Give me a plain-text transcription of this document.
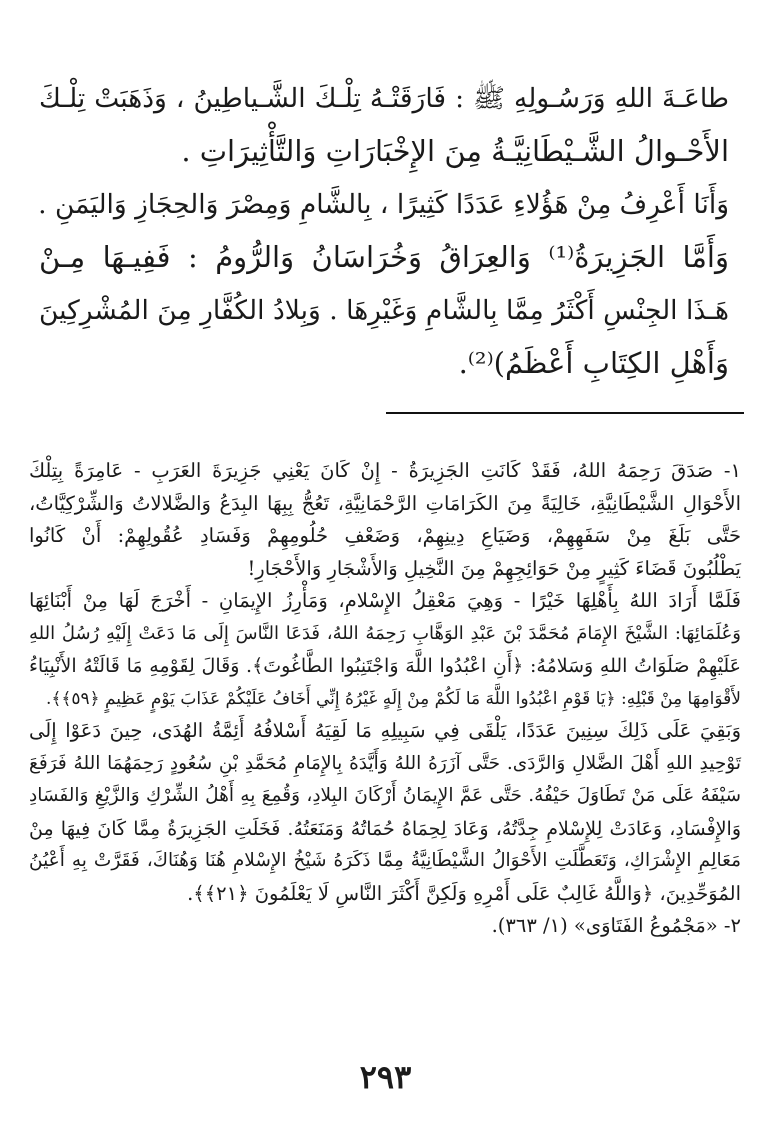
طاعَـةَ اللهِ وَرَسُـولِهِ ﷺ : فَارَقَتْـهُ تِلْـكَ الشَّـياطِينُ ، وَذَهَبَتْ تِلْـكَ

الأَحْـوالُ الشَّـيْطَانِيَّـةُ مِنَ الإِخْبَارَاتِ وَالتَّأْثِيرَاتِ .

وَأَنَا أَعْرِفُ مِنْ هَؤُلاءِ عَدَدًا كَثِيرًا ، بِالشَّامِ وَمِصْرَ وَالحِجَازِ وَاليَمَنِ .

وَأَمَّا الجَزِيرَةُ⁽¹⁾ وَالعِرَاقُ وَخُرَاسَانُ وَالرُّومُ : فَفِيـهَا مِـنْ

هَـذَا الجِنْسِ أَكْثَرُ مِمَّا بِالشَّامِ وَغَيْرِهَا . وَبِلادُ الكُفَّارِ مِنَ المُشْرِكِينَ

وَأَهْلِ الكِتَابِ أَعْظَمُ)⁽²⁾.

١- صَدَقَ رَحِمَهُ اللهُ، فَقَدْ كَانَتِ الجَزِيرَةُ - إِنْ كَانَ يَعْنِي جَزِيرَةَ العَرَبِ - عَامِرَةً بِتِلْكَ

الأَحْوَالِ الشَّيْطَانِيَّةِ، خَالِيَةً مِنَ الكَرَامَاتِ الرَّحْمَانِيَّةِ، تَعُجُّ بِبِهَا البِدَعُ وَالضَّلالاتُ وَالشِّرْكِيَّاتُ،

حَتَّى بَلَغَ مِنْ سَفَهِهِمْ، وَضَيَاعِ دِينِهِمْ، وَضَعْفِ حُلُومِهِمْ وَفَسَادِ عُقُولِهِمْ: أَنْ كَانُوا

يَطْلُبُونَ قَضَاءَ كَثِيرٍ مِنْ حَوَائِجِهِمْ مِنَ النَّخِيلِ وَالأَشْجَارِ وَالأَحْجَارِ!

فَلَمَّا أَرَادَ اللهُ بِأَهْلِهَا خَيْرًا - وَهِيَ مَعْقِلُ الإِسْلامِ، وَمَأْرِزُ الإِيمَانِ - أَخْرَجَ لَهَا مِنْ أَبْنَائِهَا

وَعُلَمَائِهَا: الشَّيْخَ الإِمَامَ مُحَمَّدَ بْنَ عَبْدِ الوَهَّابِ رَحِمَهُ اللهُ، فَدَعَا النَّاسَ إِلَى مَا دَعَتْ إِلَيْهِ رُسُلُ اللهِ

عَلَيْهِمْ صَلَوَاتُ اللهِ وَسَلامُهُ: ﴿أَنِ اعْبُدُوا اللَّهَ وَاجْتَنِبُوا الطَّاغُوتَ﴾. وَقَالَ لِقَوْمِهِ مَا قَالَتْهُ الأَنْبِيَاءُ

لأَقْوَامِهَا مِنْ قَبْلِهِ: ﴿يَا قَوْمِ اعْبُدُوا اللَّهَ مَا لَكُمْ مِنْ إِلَهٍ غَيْرُهُ إِنِّي أَخَافُ عَلَيْكُمْ عَذَابَ يَوْمٍ عَظِيمٍ ﴿٥٩﴾﴾.

وَبَقِيَ عَلَى ذَلِكَ سِنِينَ عَدَدًا، يَلْقَى فِي سَبِيلِهِ مَا لَقِيَهُ أَسْلافُهُ أَئِمَّةُ الهُدَى، حِينَ دَعَوْا إِلَى

تَوْحِيدِ اللهِ أَهْلَ الضَّلالِ وَالرَّدَى. حَتَّى آزَرَهُ اللهُ وَأَيَّدَهُ بِالإِمَامِ مُحَمَّدِ بْنِ سُعُودٍ رَحِمَهُمَا اللهُ فَرَفَعَ

سَيْفَهُ عَلَى مَنْ تَطَاوَلَ حَيْفُهُ. حَتَّى عَمَّ الإِيمَانُ أَرْكَانَ البِلادِ، وَقُمِعَ بِهِ أَهْلُ الشِّرْكِ وَالزَّيْغِ وَالفَسَادِ

وَالإِفْسَادِ، وَعَادَتْ لِلإِسْلامِ جِدَّتُهُ، وَعَادَ لِحِمَاهُ حُمَاتُهُ وَمَنَعَتُهُ. فَخَلَتِ الجَزِيرَةُ مِمَّا كَانَ فِيهَا مِنْ

مَعَالِمِ الإِشْرَاكِ، وَتَعَطَّلَتِ الأَحْوَالُ الشَّيْطَانِيَّةُ مِمَّا ذَكَرَهُ شَيْخُ الإِسْلامِ هُنَا وَهُنَاكَ، فَقَرَّتْ بِهِ أَعْيُنُ

المُوَحِّدِينَ، ﴿وَاللَّهُ غَالِبٌ عَلَى أَمْرِهِ وَلَكِنَّ أَكْثَرَ النَّاسِ لَا يَعْلَمُونَ ﴿٢١﴾﴾.

٢- «مَجْمُوعُ الفَتَاوَى» (١/ ٣٦٣).

٢٩٣
